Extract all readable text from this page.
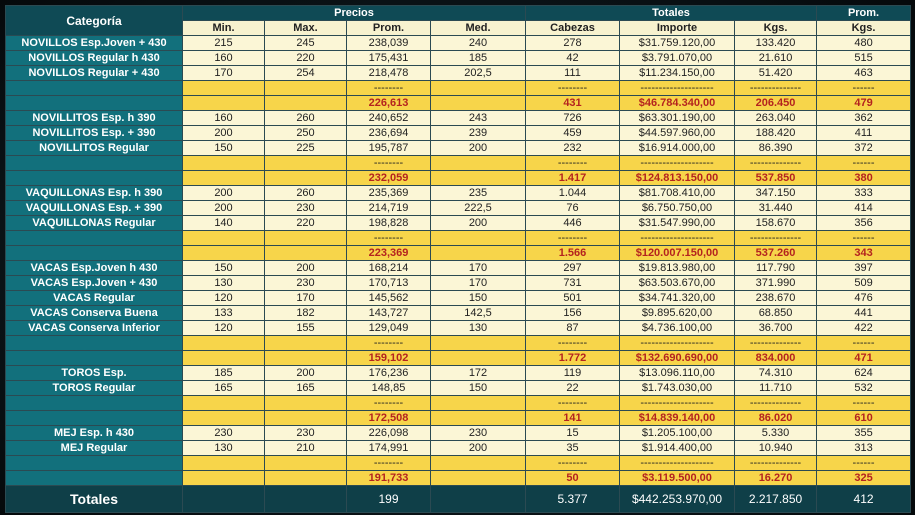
Categoría	Precios				Totales			Prom.
	Min.	Max.	Prom.	Med.	Cabezas	Importe	Kgs.	Kgs.
NOVILLOS Esp.Joven + 430	215	245	238,039	240	278	$31.759.120,00	133.420	480
NOVILLOS Regular h 430	160	220	175,431	185	42	$3.791.070,00	21.610	515
NOVILLOS Regular + 430	170	254	218,478	202,5	111	$11.234.150,00	51.420	463
			--------		--------	--------------------	--------------	------
			226,613		431	$46.784.340,00	206.450	479
NOVILLITOS Esp. h 390	160	260	240,652	243	726	$63.301.190,00	263.040	362
NOVILLITOS Esp. + 390	200	250	236,694	239	459	$44.597.960,00	188.420	411
NOVILLITOS Regular	150	225	195,787	200	232	$16.914.000,00	86.390	372
			--------		--------	--------------------	--------------	------
			232,059		1.417	$124.813.150,00	537.850	380
VAQUILLONAS Esp. h 390	200	260	235,369	235	1.044	$81.708.410,00	347.150	333
VAQUILLONAS Esp. + 390	200	230	214,719	222,5	76	$6.750.750,00	31.440	414
VAQUILLONAS Regular	140	220	198,828	200	446	$31.547.990,00	158.670	356
			--------		--------	--------------------	--------------	------
			223,369		1.566	$120.007.150,00	537.260	343
VACAS Esp.Joven h 430	150	200	168,214	170	297	$19.813.980,00	117.790	397
VACAS Esp.Joven + 430	130	230	170,713	170	731	$63.503.670,00	371.990	509
VACAS Regular	120	170	145,562	150	501	$34.741.320,00	238.670	476
VACAS Conserva Buena	133	182	143,727	142,5	156	$9.895.620,00	68.850	441
VACAS Conserva Inferior	120	155	129,049	130	87	$4.736.100,00	36.700	422
			--------		--------	--------------------	--------------	------
			159,102		1.772	$132.690.690,00	834.000	471
TOROS Esp.	185	200	176,236	172	119	$13.096.110,00	74.310	624
TOROS Regular	165	165	148,85	150	22	$1.743.030,00	11.710	532
			--------		--------	--------------------	--------------	------
			172,508		141	$14.839.140,00	86.020	610
MEJ Esp. h 430	230	230	226,098	230	15	$1.205.100,00	5.330	355
MEJ Regular	130	210	174,991	200	35	$1.914.400,00	10.940	313
			--------		--------	--------------------	--------------	------
			191,733		50	$3.119.500,00	16.270	325
Totales			199		5.377	$442.253.970,00	2.217.850	412
